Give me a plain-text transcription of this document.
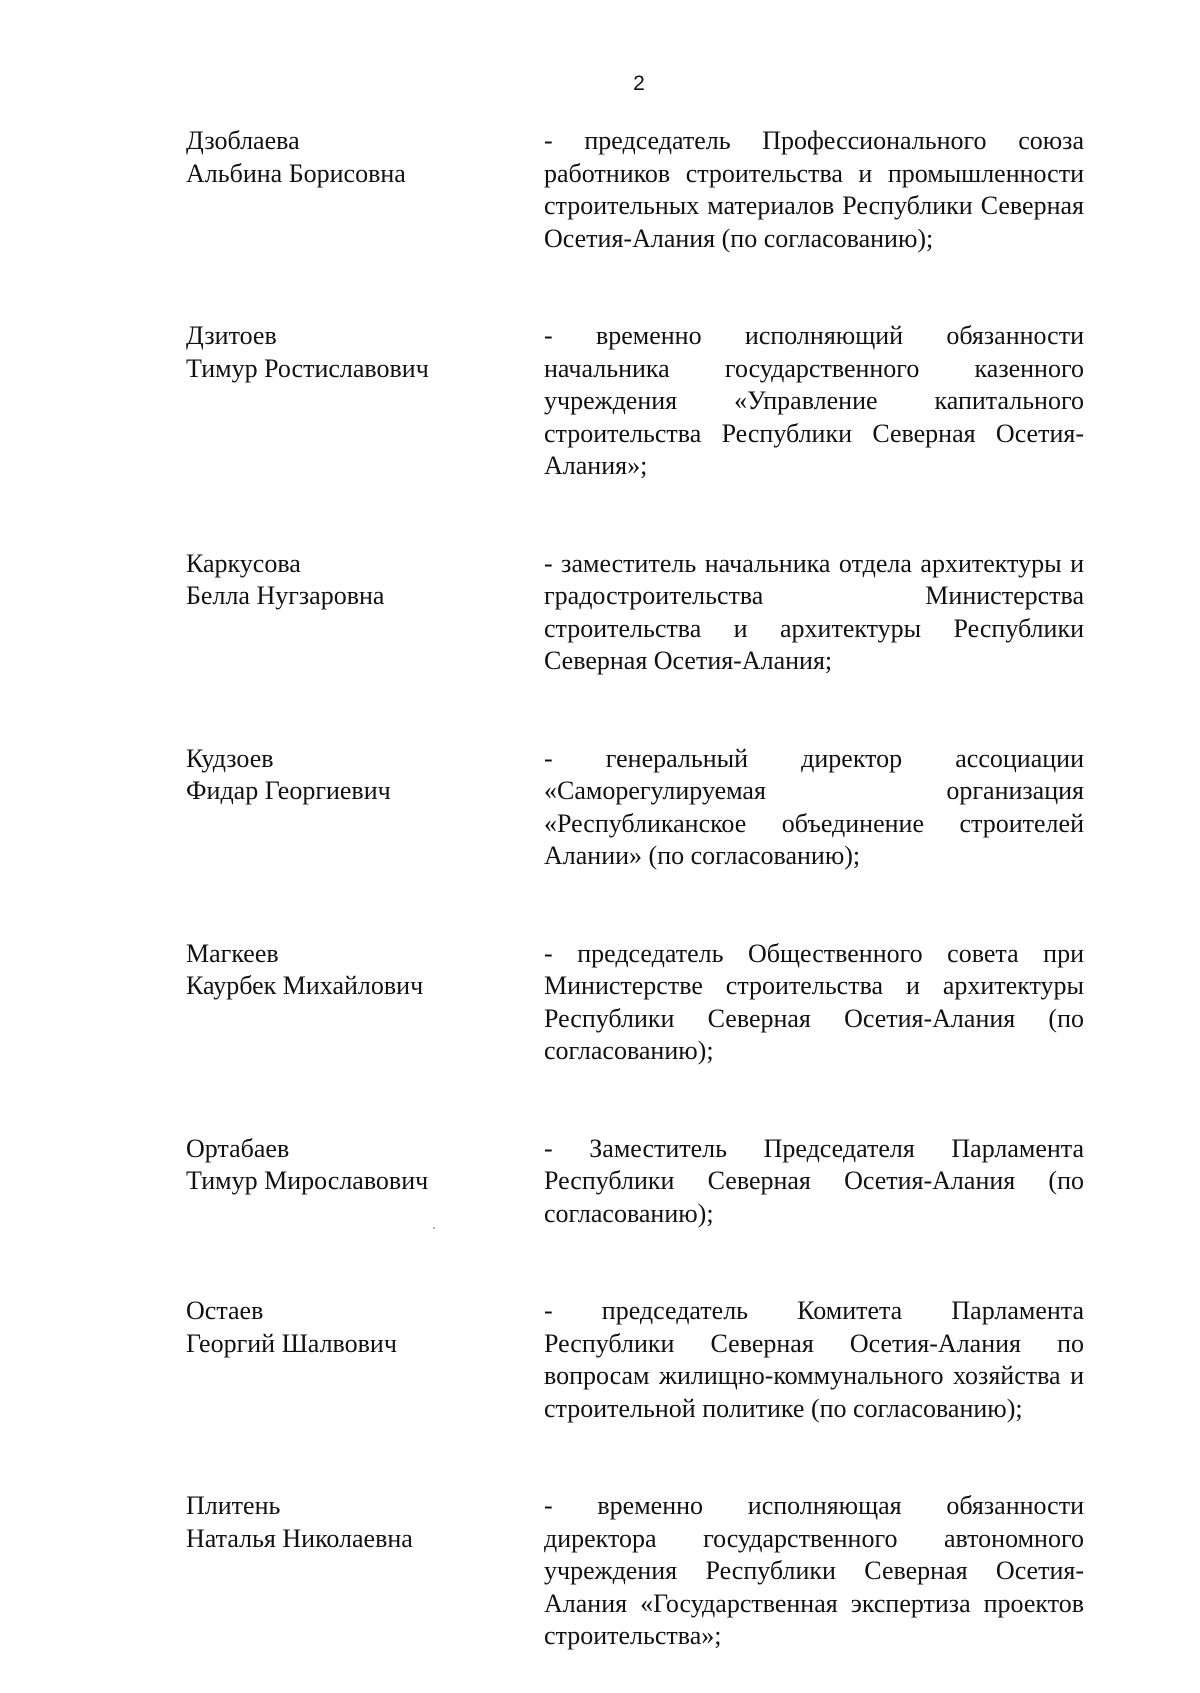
2
Дзоблаева
Альбина Борисовна
- председатель Профессионального союза работников строительства и промышленности строительных материалов Республики Северная Осетия-Алания (по согласованию);
Дзитоев
Тимур Ростиславович
- временно исполняющий обязанности начальника государственного казенного учреждения «Управление капитального строительства Республики Северная Осетия-Алания»;
Каркусова
Белла Нугзаровна
- заместитель начальника отдела архитектуры и градостроительства Министерства строительства и архитектуры Республики Северная Осетия-Алания;
Кудзоев
Фидар Георгиевич
- генеральный директор ассоциации «Саморегулируемая организация «Республиканское объединение строителей Алании» (по согласованию);
Магкеев
Каурбек Михайлович
- председатель Общественного совета при Министерстве строительства и архитектуры Республики Северная Осетия-Алания (по согласованию);
Ортабаев
Тимур Мирославович
- Заместитель Председателя Парламента Республики Северная Осетия-Алания (по согласованию);
Остаев
Георгий Шалвович
- председатель Комитета Парламента Республики Северная Осетия-Алания по вопросам жилищно-коммунального хозяйства и строительной политике (по согласованию);
Плитень
Наталья Николаевна
- временно исполняющая обязанности директора государственного автономного учреждения Республики Северная Осетия-Алания «Государственная экспертиза проектов строительства»;
